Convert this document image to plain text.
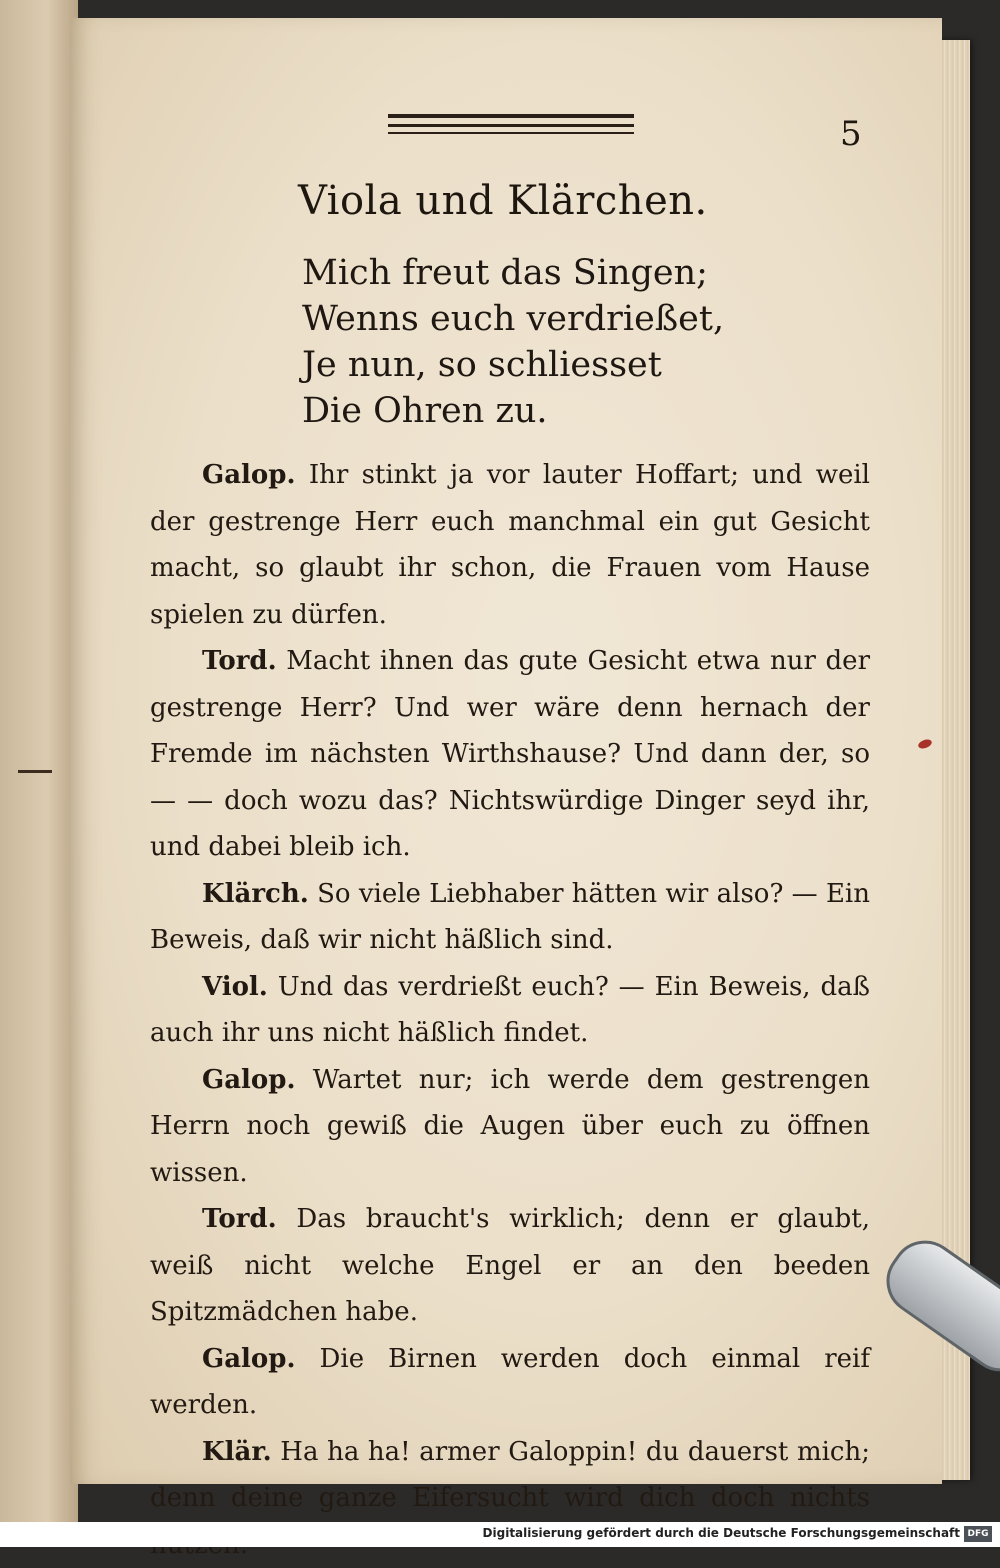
5
Viola und Klärchen.
Mich freut das Singen;
Wenns euch verdrießet,
Je nun, so schliesset
Die Ohren zu.

Galop. Ihr stinkt ja vor lauter Hoffart; und weil der gestrenge Herr euch manchmal ein gut Gesicht macht, so glaubt ihr schon, die Frauen vom Hause spielen zu dürfen.

Tord. Macht ihnen das gute Gesicht etwa nur der gestrenge Herr? Und wer wäre denn hernach der Fremde im nächsten Wirthshause? Und dann der, so — — doch wozu das? Nichtswürdige Dinger seyd ihr, und dabei bleib ich.

Klärch. So viele Liebhaber hätten wir also? — Ein Beweis, daß wir nicht häßlich sind.

Viol. Und das verdrießt euch? — Ein Beweis, daß auch ihr uns nicht häßlich findet.

Galop. Wartet nur; ich werde dem gestrengen Herrn noch gewiß die Augen über euch zu öffnen wissen.

Tord. Das braucht's wirklich; denn er glaubt, weiß nicht welche Engel er an den beeden Spitzmädchen habe.

Galop. Die Birnen werden doch einmal reif werden.

Klär. Ha ha ha! armer Galoppin! du dauerst mich; denn deine ganze Eifersucht wird dich doch nichts

Digitalisierung gefördert durch die Deutsche Forschungsgemeinschaft DFG
